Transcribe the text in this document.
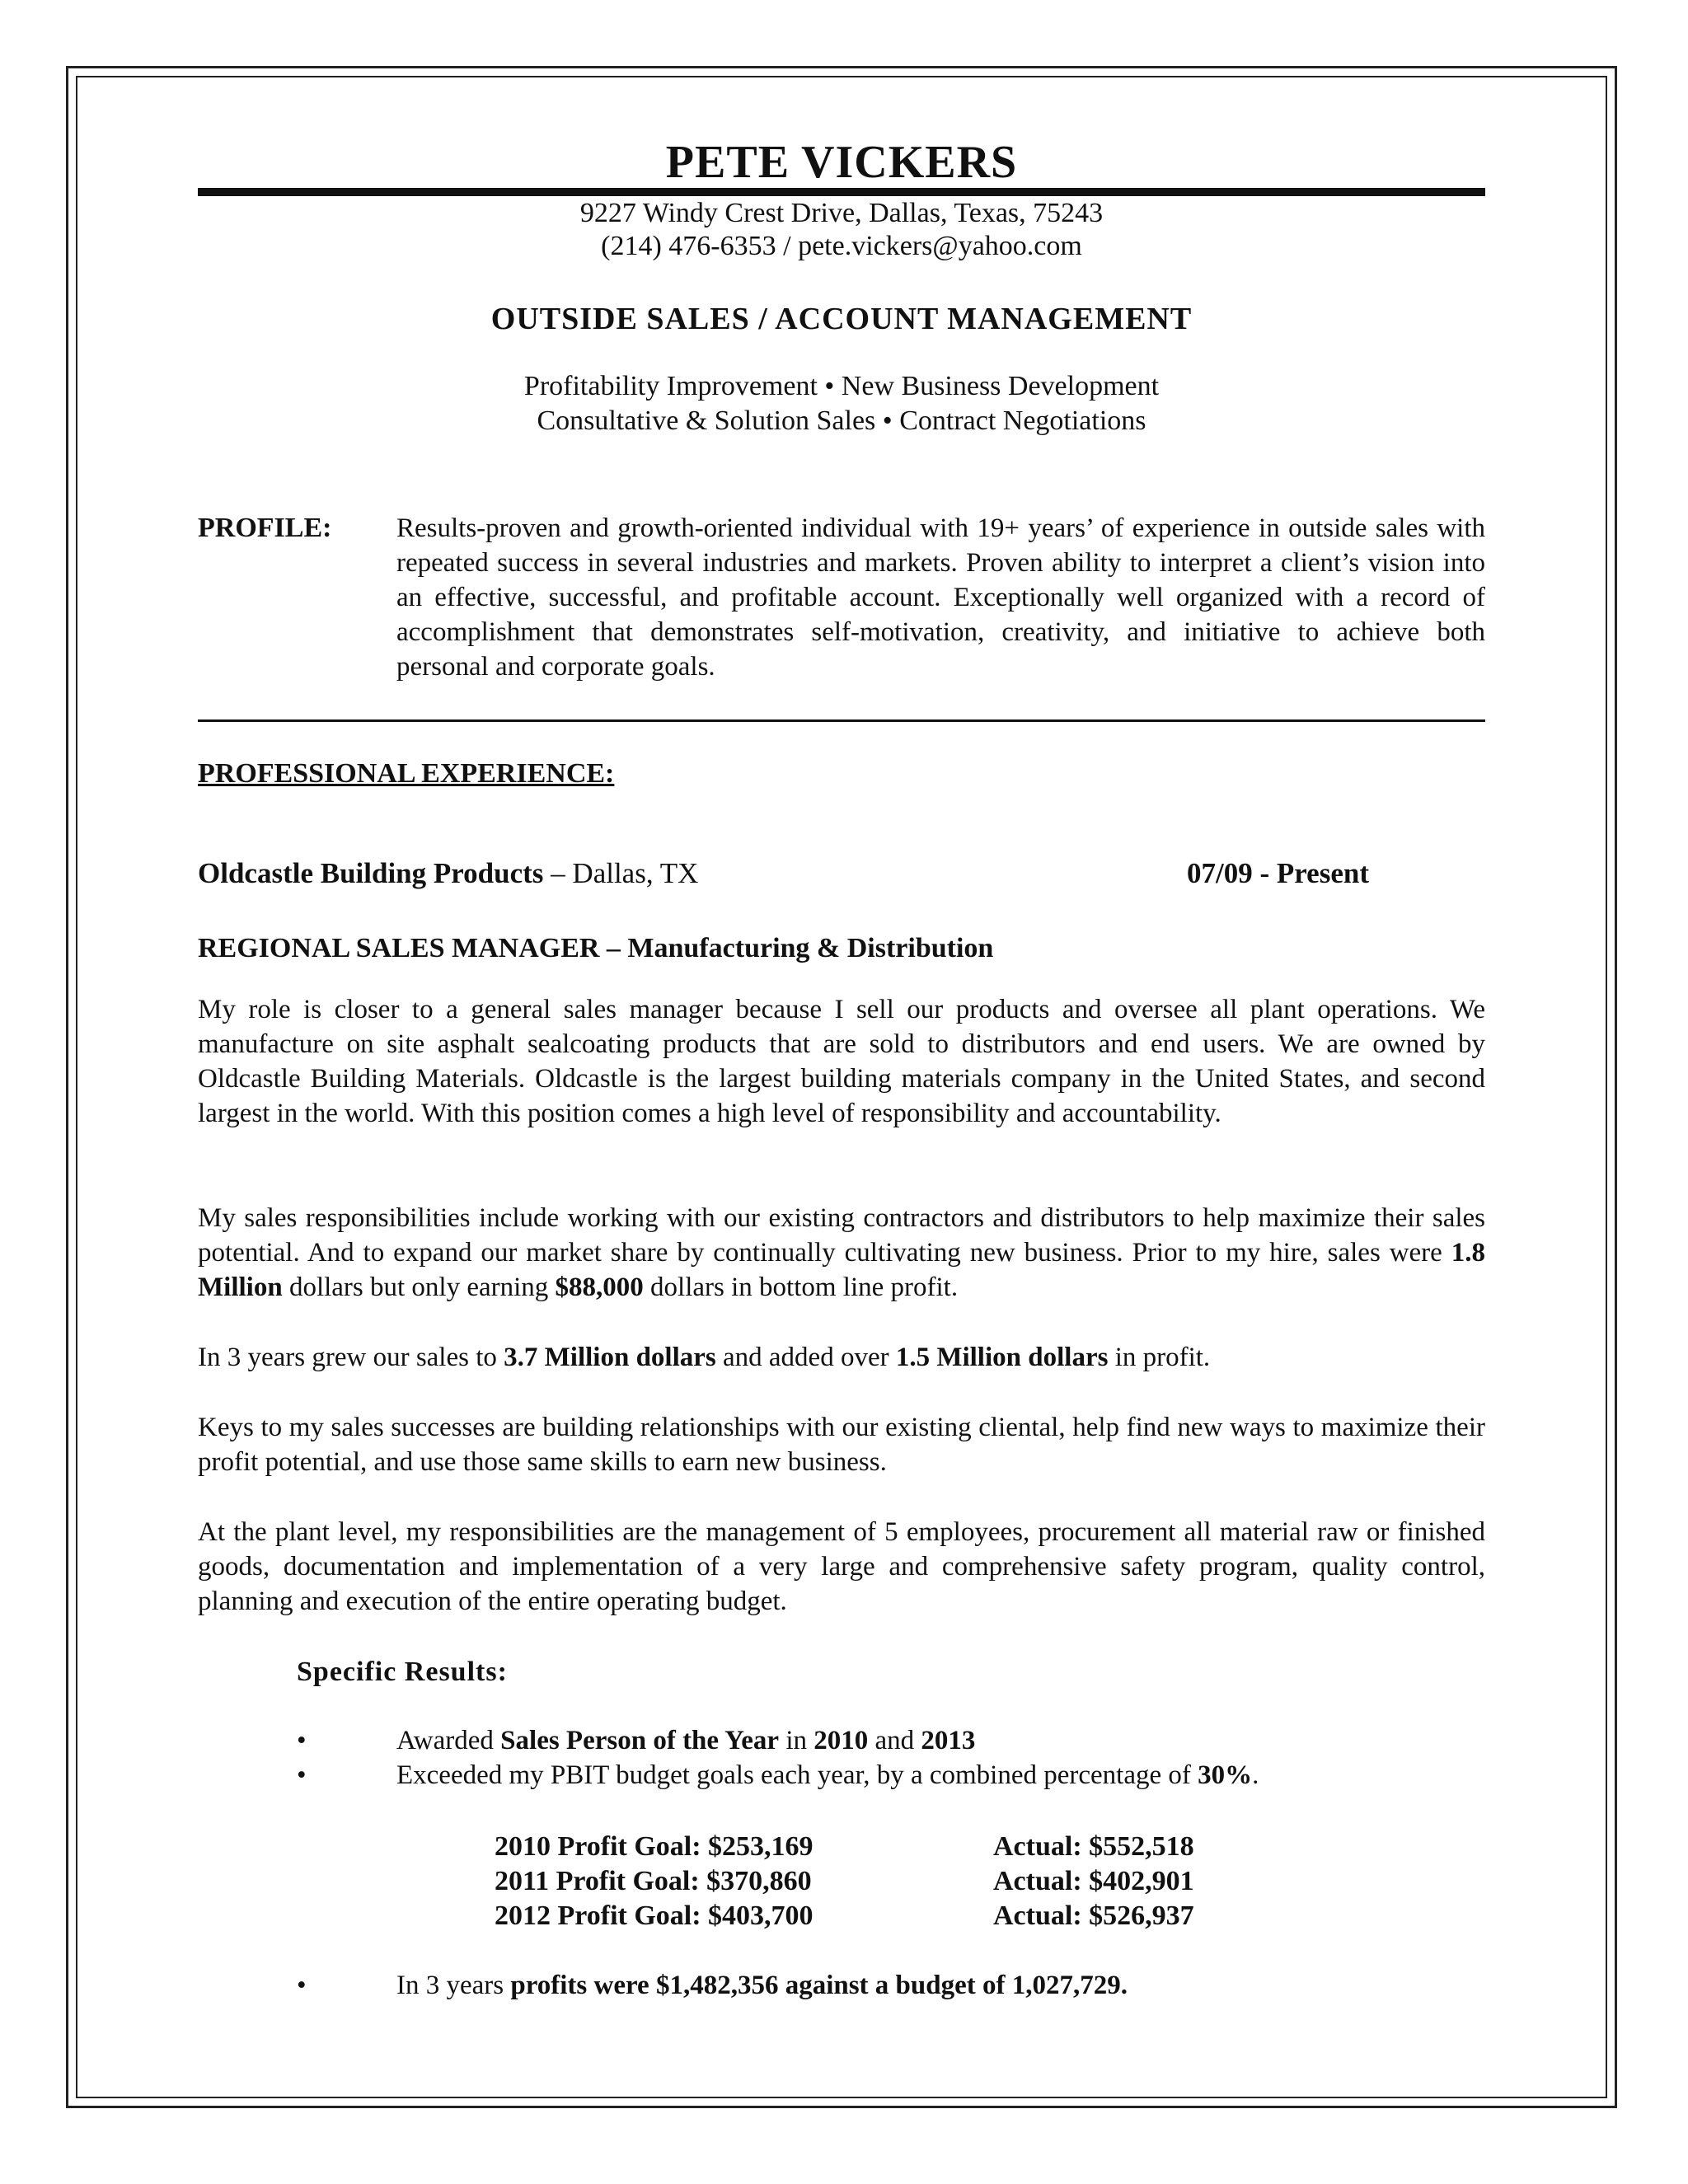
PETE VICKERS
9227 Windy Crest Drive, Dallas, Texas, 75243
(214) 476-6353 / pete.vickers@yahoo.com
OUTSIDE SALES / ACCOUNT MANAGEMENT
Profitability Improvement • New Business Development
Consultative & Solution Sales • Contract Negotiations
PROFILE: Results-proven and growth-oriented individual with 19+ years’ of experience in outside sales with repeated success in several industries and markets. Proven ability to interpret a client’s vision into an effective, successful, and profitable account. Exceptionally well organized with a record of accomplishment that demonstrates self-motivation, creativity, and initiative to achieve both personal and corporate goals.
PROFESSIONAL EXPERIENCE:
Oldcastle Building Products – Dallas, TX	07/09 - Present
REGIONAL SALES MANAGER – Manufacturing & Distribution
My role is closer to a general sales manager because I sell our products and oversee all plant operations. We manufacture on site asphalt sealcoating products that are sold to distributors and end users. We are owned by Oldcastle Building Materials. Oldcastle is the largest building materials company in the United States, and second largest in the world. With this position comes a high level of responsibility and accountability.
My sales responsibilities include working with our existing contractors and distributors to help maximize their sales potential. And to expand our market share by continually cultivating new business. Prior to my hire, sales were 1.8 Million dollars but only earning $88,000 dollars in bottom line profit.
In 3 years grew our sales to 3.7 Million dollars and added over 1.5 Million dollars in profit.
Keys to my sales successes are building relationships with our existing cliental, help find new ways to maximize their profit potential, and use those same skills to earn new business.
At the plant level, my responsibilities are the management of 5 employees, procurement all material raw or finished goods, documentation and implementation of a very large and comprehensive safety program, quality control, planning and execution of the entire operating budget.
Specific Results:
•	Awarded Sales Person of the Year in 2010 and 2013
•	Exceeded my PBIT budget goals each year, by a combined percentage of 30%.
2010 Profit Goal: $253,169	Actual: $552,518
2011 Profit Goal: $370,860	Actual: $402,901
2012 Profit Goal: $403,700	Actual: $526,937
•	In 3 years profits were $1,482,356 against a budget of 1,027,729.
